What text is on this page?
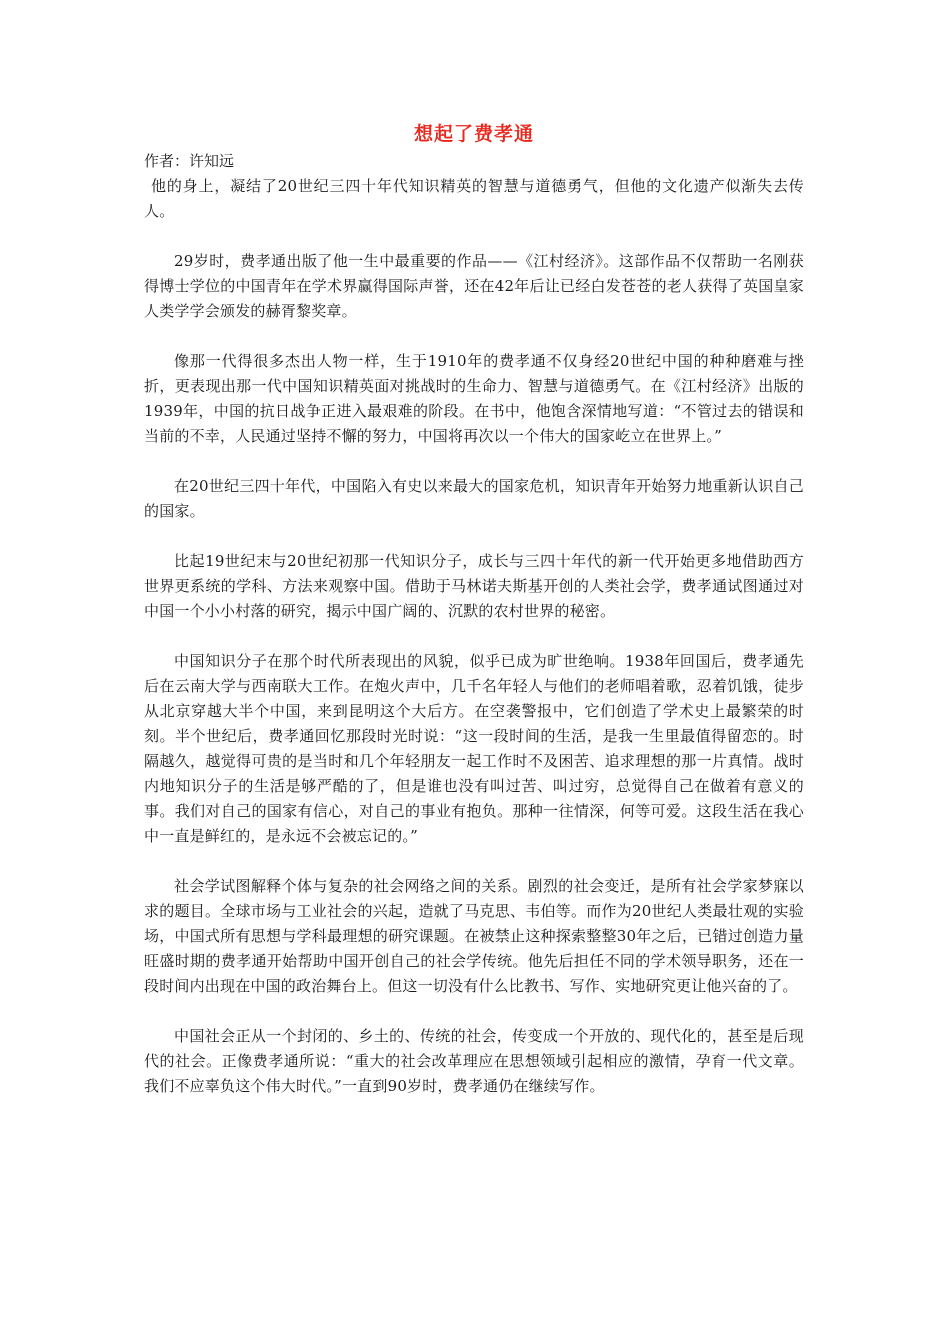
想起了费孝通
作者：许知远

他的身上，凝结了20世纪三四十年代知识精英的智慧与道德勇气，但他的文化遗产似渐失去传人。

29岁时，费孝通出版了他一生中最重要的作品——《江村经济》。这部作品不仅帮助一名刚获得博士学位的中国青年在学术界赢得国际声誉，还在42年后让已经白发苍苍的老人获得了英国皇家人类学学会颁发的赫胥黎奖章。

像那一代得很多杰出人物一样，生于1910年的费孝通不仅身经20世纪中国的种种磨难与挫折，更表现出那一代中国知识精英面对挑战时的生命力、智慧与道德勇气。在《江村经济》出版的1939年，中国的抗日战争正进入最艰难的阶段。在书中，他饱含深情地写道：“不管过去的错误和当前的不幸，人民通过坚持不懈的努力，中国将再次以一个伟大的国家屹立在世界上。”

在20世纪三四十年代，中国陷入有史以来最大的国家危机，知识青年开始努力地重新认识自己的国家。

比起19世纪末与20世纪初那一代知识分子，成长与三四十年代的新一代开始更多地借助西方世界更系统的学科、方法来观察中国。借助于马林诺夫斯基开创的人类社会学，费孝通试图通过对中国一个小小村落的研究，揭示中国广阔的、沉默的农村世界的秘密。

中国知识分子在那个时代所表现出的风貌，似乎已成为旷世绝响。1938年回国后，费孝通先后在云南大学与西南联大工作。在炮火声中，几千名年轻人与他们的老师唱着歌，忍着饥饿，徒步从北京穿越大半个中国，来到昆明这个大后方。在空袭警报中，它们创造了学术史上最繁荣的时刻。半个世纪后，费孝通回忆那段时光时说：“这一段时间的生活，是我一生里最值得留恋的。时隔越久，越觉得可贵的是当时和几个年轻朋友一起工作时不及困苦、追求理想的那一片真情。战时内地知识分子的生活是够严酷的了，但是谁也没有叫过苦、叫过穷，总觉得自己在做着有意义的事。我们对自己的国家有信心，对自己的事业有抱负。那种一往情深，何等可爱。这段生活在我心中一直是鲜红的，是永远不会被忘记的。”

社会学试图解释个体与复杂的社会网络之间的关系。剧烈的社会变迁，是所有社会学家梦寐以求的题目。全球市场与工业社会的兴起，造就了马克思、韦伯等。而作为20世纪人类最壮观的实验场，中国式所有思想与学科最理想的研究课题。在被禁止这种探索整整30年之后，已错过创造力量旺盛时期的费孝通开始帮助中国开创自己的社会学传统。他先后担任不同的学术领导职务，还在一段时间内出现在中国的政治舞台上。但这一切没有什么比教书、写作、实地研究更让他兴奋的了。

中国社会正从一个封闭的、乡土的、传统的社会，传变成一个开放的、现代化的，甚至是后现代的社会。正像费孝通所说：“重大的社会改革理应在思想领域引起相应的激情，孕育一代文章。我们不应辜负这个伟大时代。”一直到90岁时，费孝通仍在继续写作。
